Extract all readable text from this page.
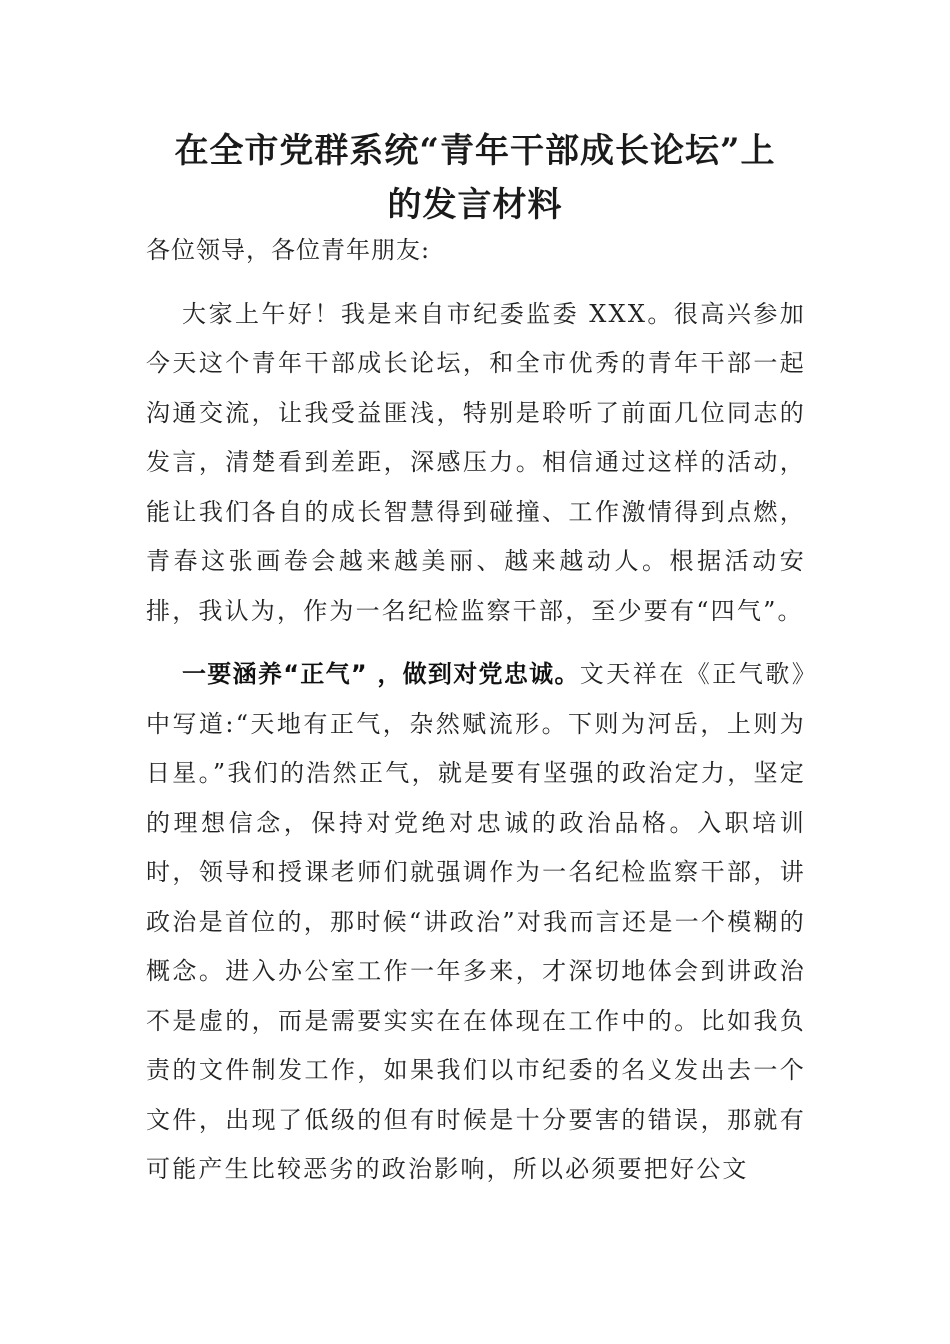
在全市党群系统“青年干部成长论坛”上
的发言材料

各位领导，各位青年朋友:

大家上午好！我是来自市纪委监委 XXX。很高兴参加今天这个青年干部成长论坛，和全市优秀的青年干部一起沟通交流，让我受益匪浅，特别是聆听了前面几位同志的发言，清楚看到差距，深感压力。相信通过这样的活动，能让我们各自的成长智慧得到碰撞、工作激情得到点燃，青春这张画卷会越来越美丽、越来越动人。根据活动安排，我认为，作为一名纪检监察干部，至少要有“四气”。

一要涵养“正气” ，做到对党忠诚。文天祥在《正气歌》中写道:“天地有正气，杂然赋流形。下则为河岳，上则为日星。”我们的浩然正气，就是要有坚强的政治定力，坚定的理想信念，保持对党绝对忠诚的政治品格。入职培训时，领导和授课老师们就强调作为一名纪检监察干部，讲政治是首位的，那时候“讲政治”对我而言还是一个模糊的概念。进入办公室工作一年多来，才深切地体会到讲政治不是虚的，而是需要实实在在体现在工作中的。比如我负责的文件制发工作，如果我们以市纪委的名义发出去一个文件，出现了低级的但有时候是十分要害的错误，那就有可能产生比较恶劣的政治影响，所以必须要把好公文
